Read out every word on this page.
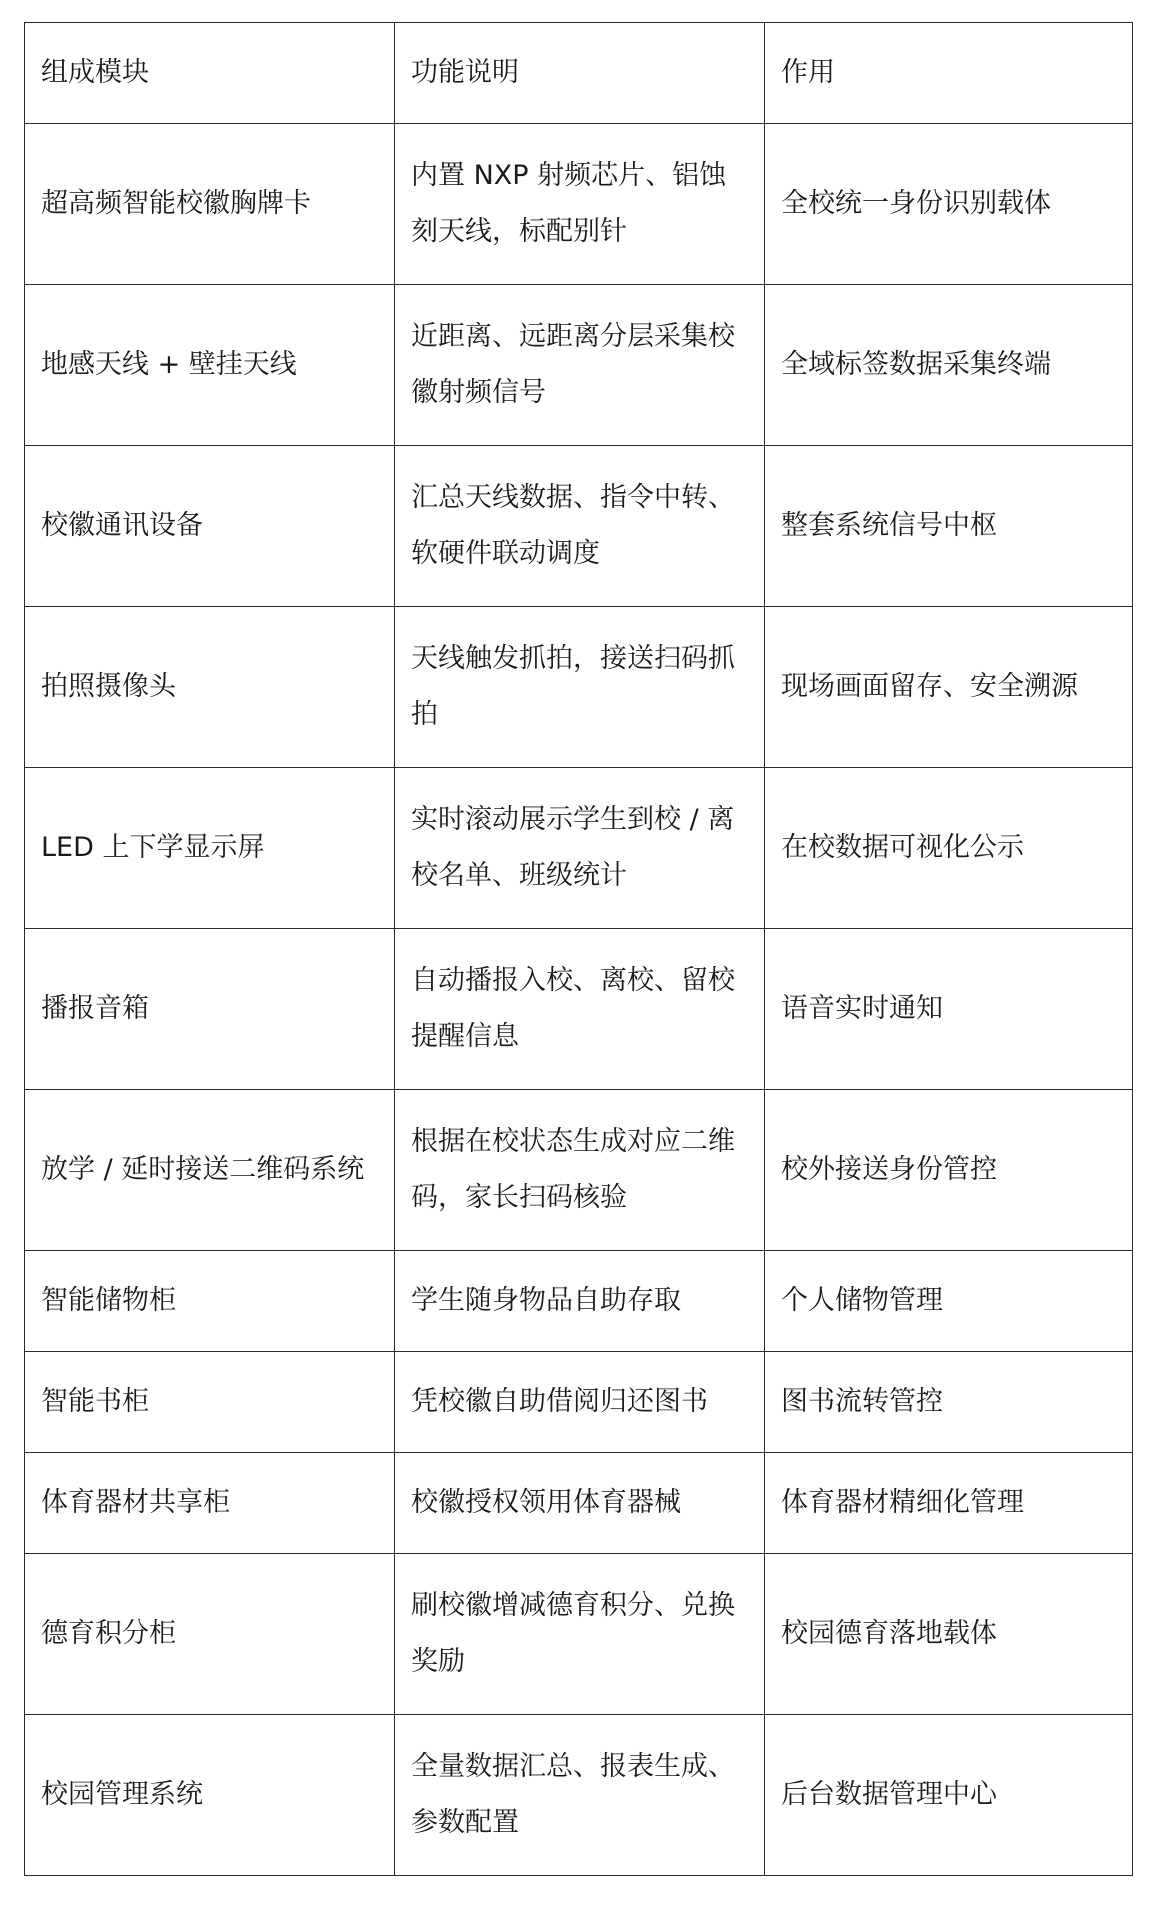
组成模块	功能说明	作用
超高频智能校徽胸牌卡	内置 NXP 射频芯片、铝蚀刻天线，标配别针	全校统一身份识别载体
地感天线 + 壁挂天线	近距离、远距离分层采集校徽射频信号	全域标签数据采集终端
校徽通讯设备	汇总天线数据、指令中转、软硬件联动调度	整套系统信号中枢
拍照摄像头	天线触发抓拍，接送扫码抓拍	现场画面留存、安全溯源
LED 上下学显示屏	实时滚动展示学生到校 / 离校名单、班级统计	在校数据可视化公示
播报音箱	自动播报入校、离校、留校提醒信息	语音实时通知
放学 / 延时接送二维码系统	根据在校状态生成对应二维码，家长扫码核验	校外接送身份管控
智能储物柜	学生随身物品自助存取	个人储物管理
智能书柜	凭校徽自助借阅归还图书	图书流转管控
体育器材共享柜	校徽授权领用体育器械	体育器材精细化管理
德育积分柜	刷校徽增减德育积分、兑换奖励	校园德育落地载体
校园管理系统	全量数据汇总、报表生成、参数配置	后台数据管理中心
